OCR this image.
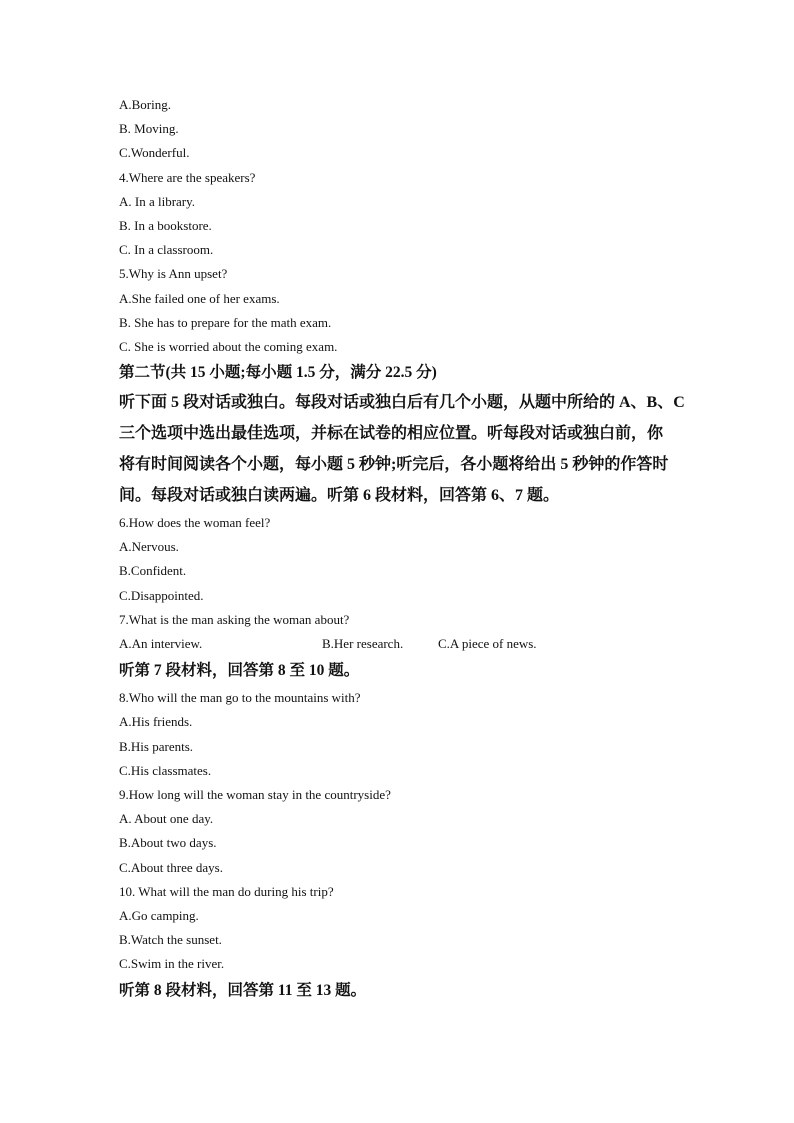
A.Boring.
B. Moving.
C.Wonderful.
4.Where are the speakers?
A. In a library.
B. In a bookstore.
C. In a classroom.
5.Why is Ann upset?
A.She failed one of her exams.
B. She has to prepare for the math exam.
C. She is worried about the coming exam.
第二节(共 15 小题;每小题 1.5 分，满分 22.5 分)
听下面 5 段对话或独白。每段对话或独白后有几个小题，从题中所给的 A、B、C
三个选项中选出最佳选项，并标在试卷的相应位置。听每段对话或独白前，你
将有时间阅读各个小题，每小题 5 秒钟;听完后，各小题将给出 5 秒钟的作答时
间。每段对话或独白读两遍。听第 6 段材料，回答第 6、7 题。
6.How does the woman feel?
A.Nervous.
B.Confident.
C.Disappointed.
7.What is the man asking the woman about?
A.An interview.	B.Her research.	C.A piece of news.
听第 7 段材料，回答第 8 至 10 题。
8.Who will the man go to the mountains with?
A.His friends.
B.His parents.
C.His classmates.
9.How long will the woman stay in the countryside?
A. About one day.
B.About two days.
C.About three days.
10. What will the man do during his trip?
A.Go camping.
B.Watch the sunset.
C.Swim in the river.
听第 8 段材料，回答第 11 至 13 题。
